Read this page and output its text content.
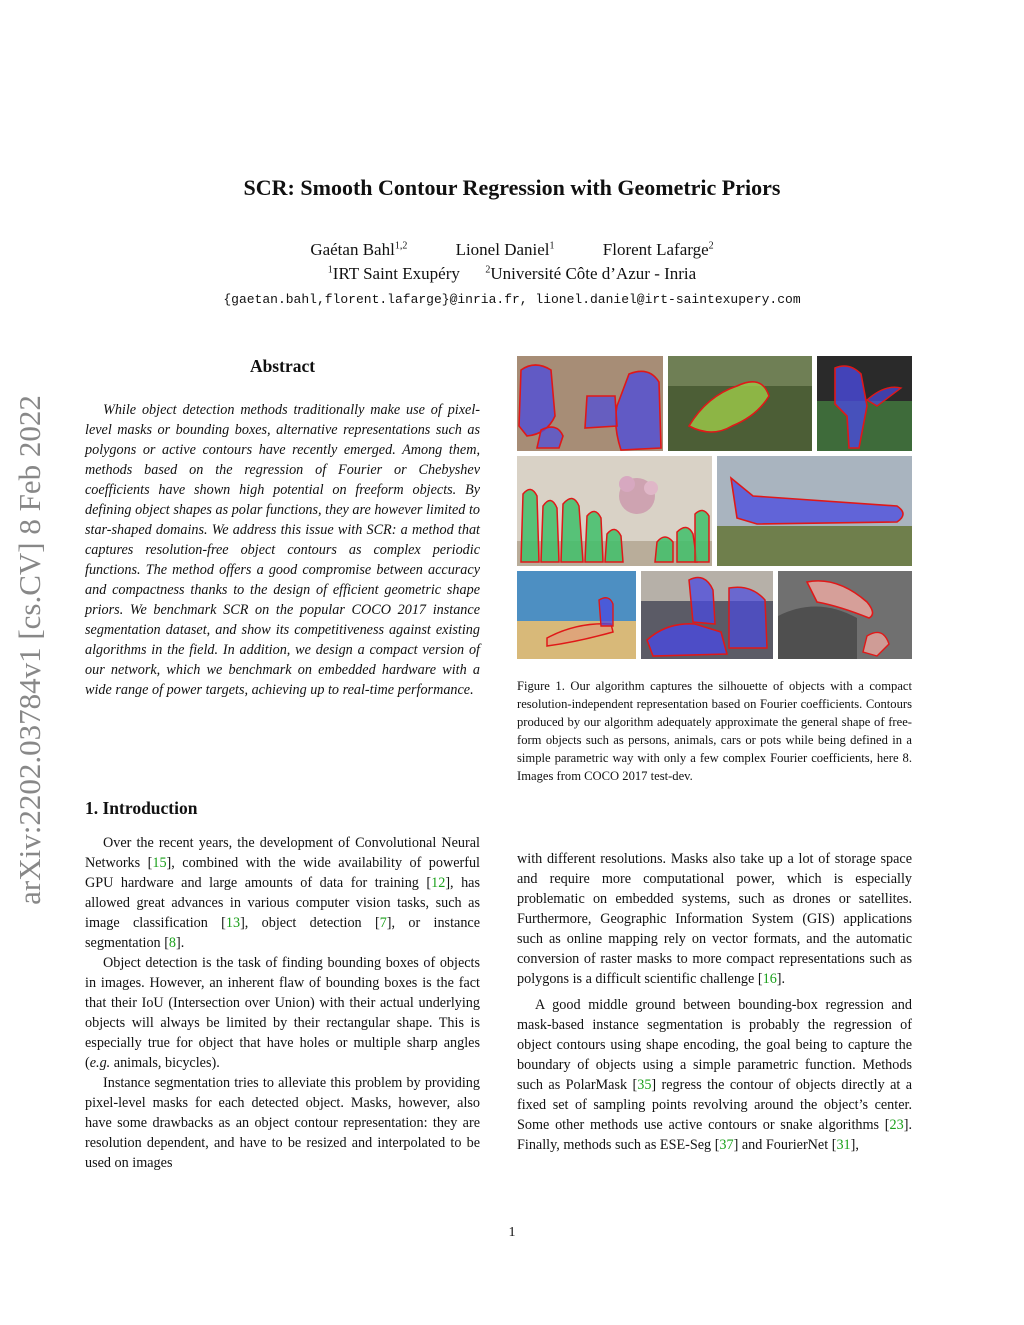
SCR: Smooth Contour Regression with Geometric Priors
Gaétan Bahl$^{1,2}$	Lionel Daniel$^1$	Florent Lafarge$^2$
$^1$IRT Saint Exupéry	$^2$Université Côte d’Azur - Inria
{gaetan.bahl,florent.lafarge}@inria.fr, lionel.daniel@irt-saintexupery.com
arXiv:2202.03784v1 [cs.CV] 8 Feb 2022
Abstract

While object detection methods traditionally make use of pixel-level masks or bounding boxes, alternative representations such as polygons or active contours have recently emerged. Among them, methods based on the regression of Fourier or Chebyshev coefficients have shown high potential on freeform objects. By defining object shapes as polar functions, they are however limited to star-shaped domains. We address this issue with SCR: a method that captures resolution-free object contours as complex periodic functions. The method offers a good compromise between accuracy and compactness thanks to the design of efficient geometric shape priors. We benchmark SCR on the popular COCO 2017 instance segmentation dataset, and show its competitiveness against existing algorithms in the field. In addition, we design a compact version of our network, which we benchmark on embedded hardware with a wide range of power targets, achieving up to real-time performance.

1. Introduction

Over the recent years, the development of Convolutional Neural Networks [15], combined with the wide availability of powerful GPU hardware and large amounts of data for training [12], has allowed great advances in various computer vision tasks, such as image classification [13], object detection [7], or instance segmentation [8].

Object detection is the task of finding bounding boxes of objects in images. However, an inherent flaw of bounding boxes is the fact that their IoU (Intersection over Union) with their actual underlying objects will always be limited by their rectangular shape. This is especially true for object that have holes or multiple sharp angles (e.g. animals, bicycles).

Instance segmentation tries to alleviate this problem by providing pixel-level masks for each detected object. Masks, however, also have some drawbacks as an object contour representation: they are resolution dependent, and have to be resized and interpolated to be used on images

Figure 1. Our algorithm captures the silhouette of objects with a compact resolution-independent representation based on Fourier coefficients. Contours produced by our algorithm adequately approximate the general shape of free-form objects such as persons, animals, cars or pots while being defined in a simple parametric way with only a few complex Fourier coefficients, here 8. Images from COCO 2017 test-dev.

with different resolutions. Masks also take up a lot of storage space and require more computational power, which is especially problematic on embedded systems, such as drones or satellites. Furthermore, Geographic Information System (GIS) applications such as online mapping rely on vector formats, and the automatic conversion of raster masks to more compact representations such as polygons is a difficult scientific challenge [16].

A good middle ground between bounding-box regression and mask-based instance segmentation is probably the regression of object contours using shape encoding, the goal being to capture the boundary of objects using a simple parametric function. Methods such as PolarMask [35] regress the contour of objects directly at a fixed set of sampling points revolving around the object’s center. Some other methods use active contours or snake algorithms [23]. Finally, methods such as ESE-Seg [37] and FourierNet [31],

1
